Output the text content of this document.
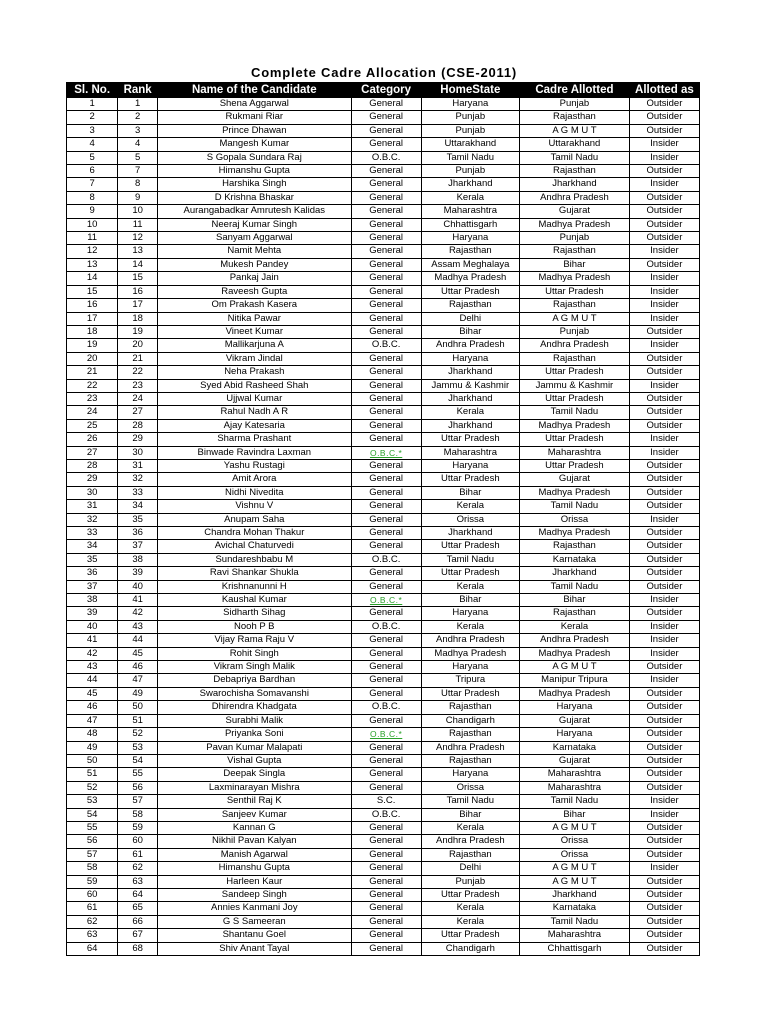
Complete Cadre Allocation (CSE-2011)
Sl. No.	Rank	Name of the Candidate	Category	HomeState	Cadre Allotted	Allotted as
1	1	Shena Aggarwal	General	Haryana	Punjab	Outsider
2	2	Rukmani Riar	General	Punjab	Rajasthan	Outsider
3	3	Prince Dhawan	General	Punjab	A G M U T	Outsider
4	4	Mangesh Kumar	General	Uttarakhand	Uttarakhand	Insider
5	5	S Gopala Sundara Raj	O.B.C.	Tamil Nadu	Tamil Nadu	Insider
6	7	Himanshu Gupta	General	Punjab	Rajasthan	Outsider
7	8	Harshika Singh	General	Jharkhand	Jharkhand	Insider
8	9	D Krishna Bhaskar	General	Kerala	Andhra Pradesh	Outsider
9	10	Aurangabadkar Amrutesh Kalidas	General	Maharashtra	Gujarat	Outsider
10	11	Neeraj Kumar Singh	General	Chhattisgarh	Madhya Pradesh	Outsider
11	12	Sanyam Aggarwal	General	Haryana	Punjab	Outsider
12	13	Namit Mehta	General	Rajasthan	Rajasthan	Insider
13	14	Mukesh Pandey	General	Assam Meghalaya	Bihar	Outsider
14	15	Pankaj Jain	General	Madhya Pradesh	Madhya Pradesh	Insider
15	16	Raveesh Gupta	General	Uttar Pradesh	Uttar Pradesh	Insider
16	17	Om Prakash Kasera	General	Rajasthan	Rajasthan	Insider
17	18	Nitika Pawar	General	Delhi	A G M U T	Insider
18	19	Vineet Kumar	General	Bihar	Punjab	Outsider
19	20	Mallikarjuna A	O.B.C.	Andhra Pradesh	Andhra Pradesh	Insider
20	21	Vikram Jindal	General	Haryana	Rajasthan	Outsider
21	22	Neha Prakash	General	Jharkhand	Uttar Pradesh	Outsider
22	23	Syed Abid Rasheed Shah	General	Jammu & Kashmir	Jammu & Kashmir	Insider
23	24	Ujjwal Kumar	General	Jharkhand	Uttar Pradesh	Outsider
24	27	Rahul Nadh A R	General	Kerala	Tamil Nadu	Outsider
25	28	Ajay Katesaria	General	Jharkhand	Madhya Pradesh	Outsider
26	29	Sharma Prashant	General	Uttar Pradesh	Uttar Pradesh	Insider
27	30	Binwade Ravindra Laxman	O.B.C.*	Maharashtra	Maharashtra	Insider
28	31	Yashu Rustagi	General	Haryana	Uttar Pradesh	Outsider
29	32	Amit Arora	General	Uttar Pradesh	Gujarat	Outsider
30	33	Nidhi Nivedita	General	Bihar	Madhya Pradesh	Outsider
31	34	Vishnu V	General	Kerala	Tamil Nadu	Outsider
32	35	Anupam Saha	General	Orissa	Orissa	Insider
33	36	Chandra Mohan Thakur	General	Jharkhand	Madhya Pradesh	Outsider
34	37	Avichal Chaturvedi	General	Uttar Pradesh	Rajasthan	Outsider
35	38	Sundareshbabu M	O.B.C.	Tamil Nadu	Karnataka	Outsider
36	39	Ravi Shankar Shukla	General	Uttar Pradesh	Jharkhand	Outsider
37	40	Krishnanunni H	General	Kerala	Tamil Nadu	Outsider
38	41	Kaushal Kumar	O.B.C.*	Bihar	Bihar	Insider
39	42	Sidharth Sihag	General	Haryana	Rajasthan	Outsider
40	43	Nooh P B	O.B.C.	Kerala	Kerala	Insider
41	44	Vijay Rama Raju V	General	Andhra Pradesh	Andhra Pradesh	Insider
42	45	Rohit Singh	General	Madhya Pradesh	Madhya Pradesh	Insider
43	46	Vikram Singh Malik	General	Haryana	A G M U T	Outsider
44	47	Debapriya Bardhan	General	Tripura	Manipur Tripura	Insider
45	49	Swarochisha Somavanshi	General	Uttar Pradesh	Madhya Pradesh	Outsider
46	50	Dhirendra Khadgata	O.B.C.	Rajasthan	Haryana	Outsider
47	51	Surabhi Malik	General	Chandigarh	Gujarat	Outsider
48	52	Priyanka Soni	O.B.C.*	Rajasthan	Haryana	Outsider
49	53	Pavan Kumar Malapati	General	Andhra Pradesh	Karnataka	Outsider
50	54	Vishal Gupta	General	Rajasthan	Gujarat	Outsider
51	55	Deepak Singla	General	Haryana	Maharashtra	Outsider
52	56	Laxminarayan Mishra	General	Orissa	Maharashtra	Outsider
53	57	Senthil Raj K	S.C.	Tamil Nadu	Tamil Nadu	Insider
54	58	Sanjeev Kumar	O.B.C.	Bihar	Bihar	Insider
55	59	Kannan G	General	Kerala	A G M U T	Outsider
56	60	Nikhil Pavan Kalyan	General	Andhra Pradesh	Orissa	Outsider
57	61	Manish Agarwal	General	Rajasthan	Orissa	Outsider
58	62	Himanshu Gupta	General	Delhi	A G M U T	Insider
59	63	Harleen Kaur	General	Punjab	A G M U T	Outsider
60	64	Sandeep Singh	General	Uttar Pradesh	Jharkhand	Outsider
61	65	Annies Kanmani Joy	General	Kerala	Karnataka	Outsider
62	66	G S Sameeran	General	Kerala	Tamil Nadu	Outsider
63	67	Shantanu Goel	General	Uttar Pradesh	Maharashtra	Outsider
64	68	Shiv Anant Tayal	General	Chandigarh	Chhattisgarh	Outsider
